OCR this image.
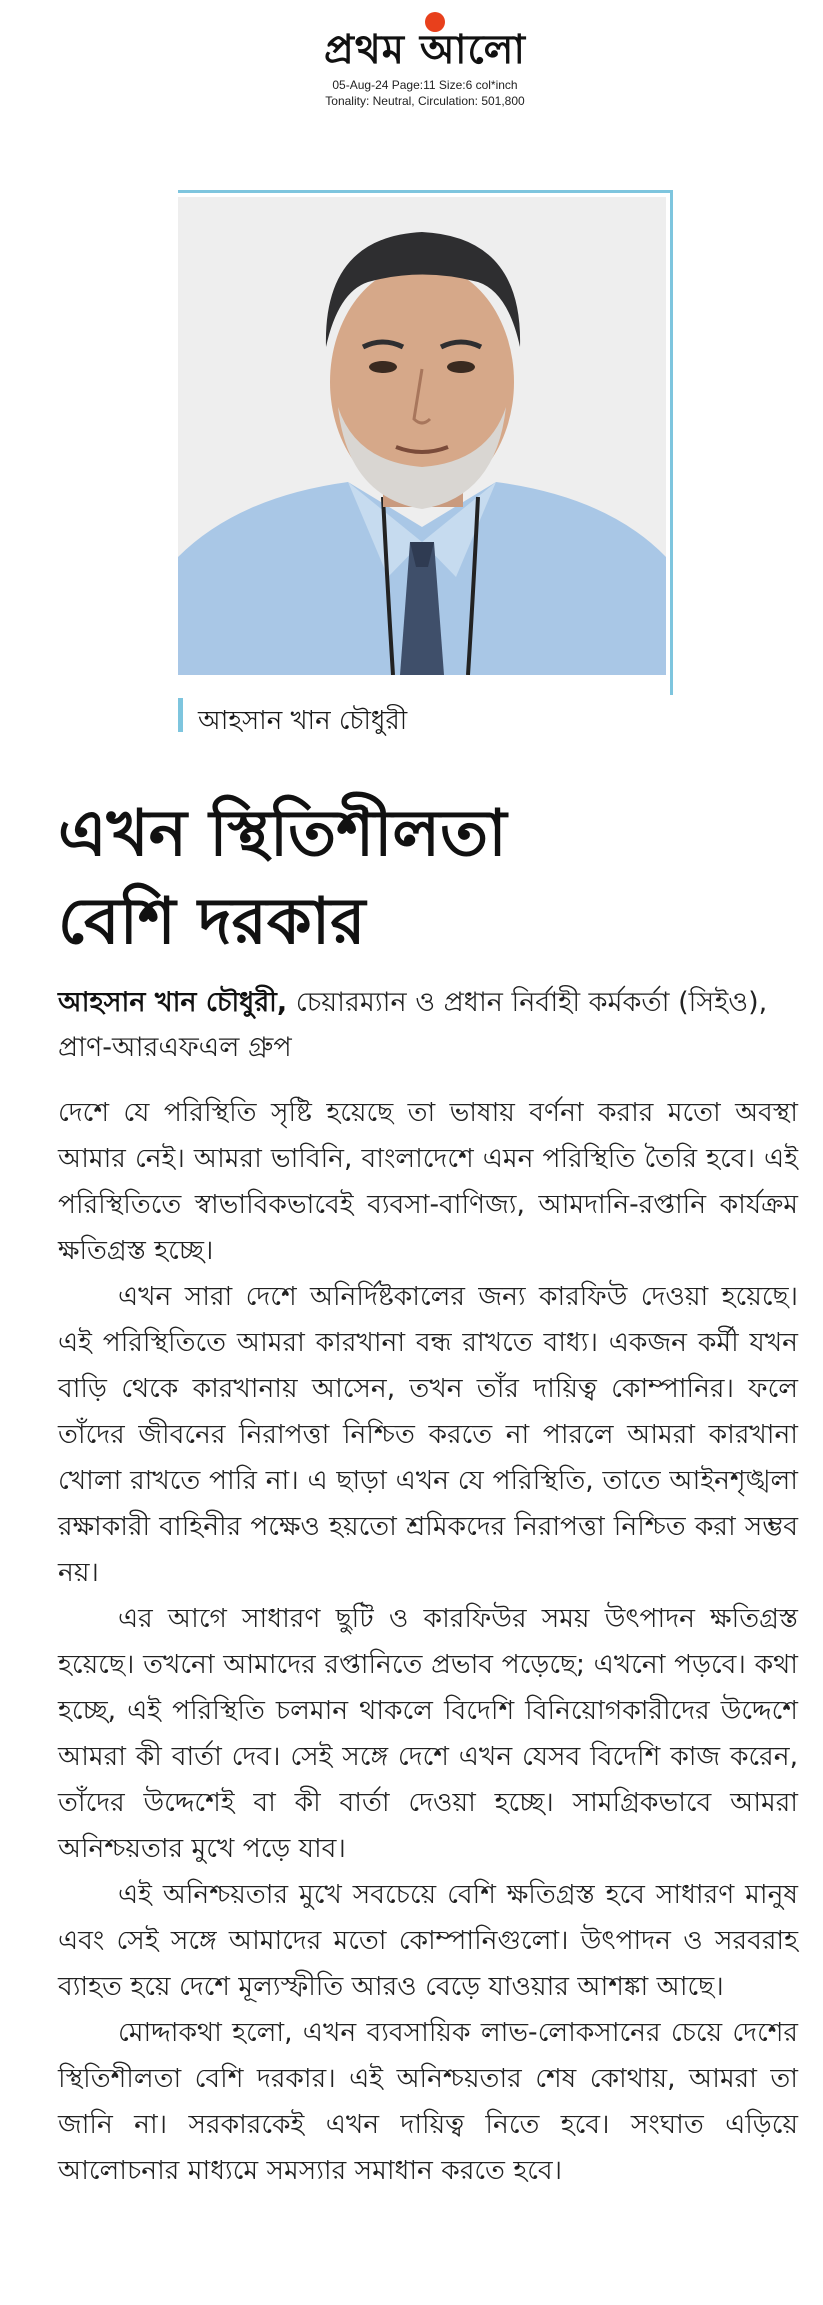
প্রথম আলো
05-Aug-24 Page:11 Size:6 col*inch
Tonality: Neutral, Circulation: 501,800
আহসান খান চৌধুরী
এখন স্থিতিশীলতা
বেশি দরকার
আহসান খান চৌধুরী, চেয়ারম্যান ও প্রধান নির্বাহী কর্মকর্তা (সিইও), প্রাণ-আরএফএল গ্রুপ

দেশে যে পরিস্থিতি সৃষ্টি হয়েছে তা ভাষায় বর্ণনা করার মতো অবস্থা আমার নেই। আমরা ভাবিনি, বাংলাদেশে এমন পরিস্থিতি তৈরি হবে। এই পরিস্থিতিতে স্বাভাবিকভাবেই ব্যবসা-বাণিজ্য, আমদানি-রপ্তানি কার্যক্রম ক্ষতিগ্রস্ত হচ্ছে।

এখন সারা দেশে অনির্দিষ্টকালের জন্য কারফিউ দেওয়া হয়েছে। এই পরিস্থিতিতে আমরা কারখানা বন্ধ রাখতে বাধ্য। একজন কর্মী যখন বাড়ি থেকে কারখানায় আসেন, তখন তাঁর দায়িত্ব কোম্পানির। ফলে তাঁদের জীবনের নিরাপত্তা নিশ্চিত করতে না পারলে আমরা কারখানা খোলা রাখতে পারি না। এ ছাড়া এখন যে পরিস্থিতি, তাতে আইনশৃঙ্খলা রক্ষাকারী বাহিনীর পক্ষেও হয়তো শ্রমিকদের নিরাপত্তা নিশ্চিত করা সম্ভব নয়।

এর আগে সাধারণ ছুটি ও কারফিউর সময় উৎপাদন ক্ষতিগ্রস্ত হয়েছে। তখনো আমাদের রপ্তানিতে প্রভাব পড়েছে; এখনো পড়বে। কথা হচ্ছে, এই পরিস্থিতি চলমান থাকলে বিদেশি বিনিয়োগকারীদের উদ্দেশে আমরা কী বার্তা দেব। সেই সঙ্গে দেশে এখন যেসব বিদেশি কাজ করেন, তাঁদের উদ্দেশেই বা কী বার্তা দেওয়া হচ্ছে। সামগ্রিকভাবে আমরা অনিশ্চয়তার মুখে পড়ে যাব।

এই অনিশ্চয়তার মুখে সবচেয়ে বেশি ক্ষতিগ্রস্ত হবে সাধারণ মানুষ এবং সেই সঙ্গে আমাদের মতো কোম্পানিগুলো। উৎপাদন ও সরবরাহ ব্যাহত হয়ে দেশে মূল্যস্ফীতি আরও বেড়ে যাওয়ার আশঙ্কা আছে।

মোদ্দাকথা হলো, এখন ব্যবসায়িক লাভ-লোকসানের চেয়ে দেশের স্থিতিশীলতা বেশি দরকার। এই অনিশ্চয়তার শেষ কোথায়, আমরা তা জানি না। সরকারকেই এখন দায়িত্ব নিতে হবে। সংঘাত এড়িয়ে আলোচনার মাধ্যমে সমস্যার সমাধান করতে হবে।
